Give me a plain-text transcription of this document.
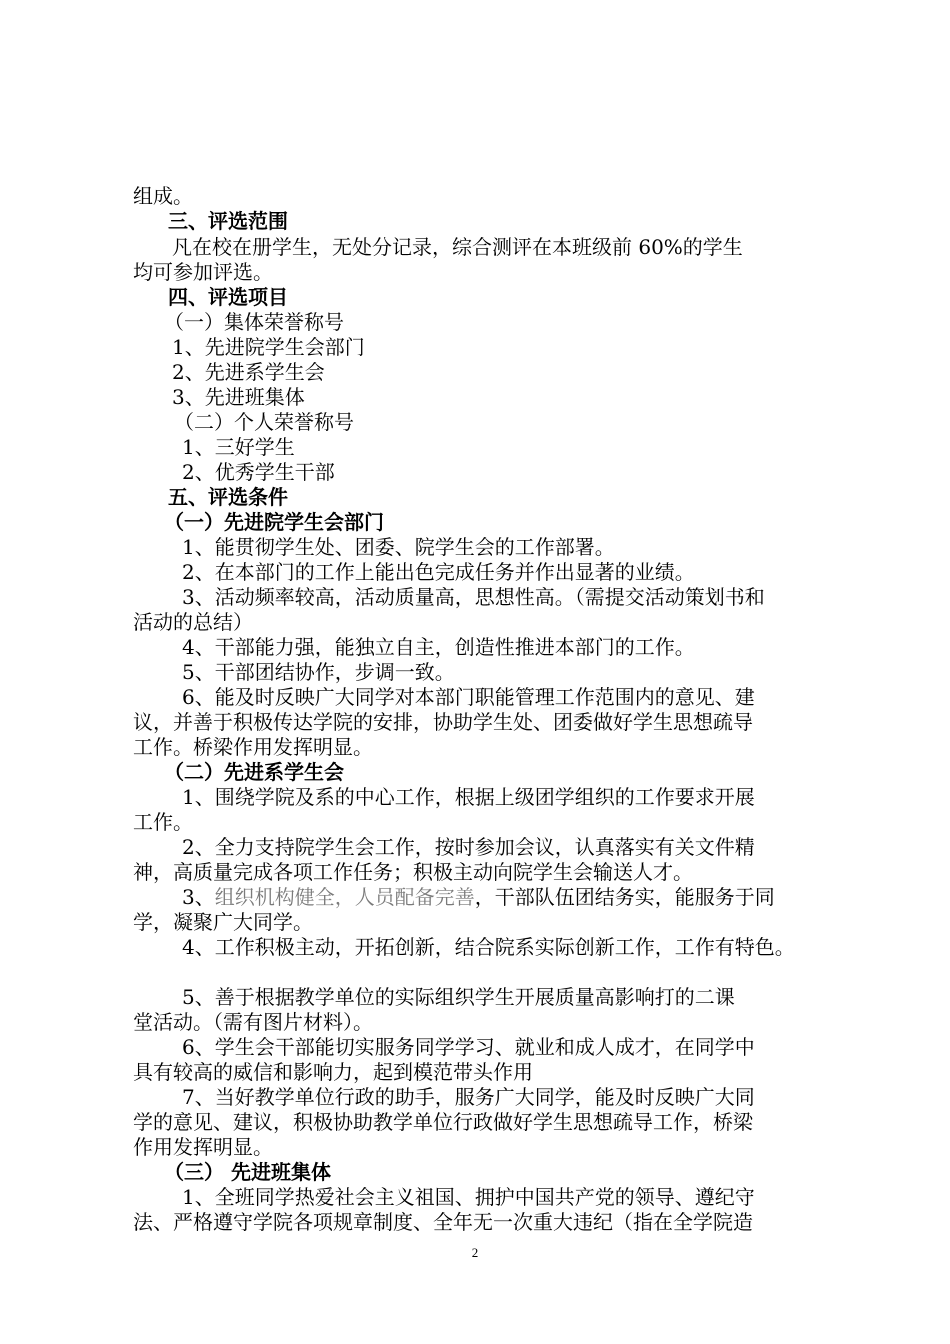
组成。
三、评选范围
凡在校在册学生，无处分记录，综合测评在本班级前 60%的学生
均可参加评选。
四、评选项目
（一）集体荣誉称号
1、先进院学生会部门
2、先进系学生会
3、先进班集体
（二）个人荣誉称号
1、三好学生
2、优秀学生干部
五、评选条件
（一）先进院学生会部门
1、能贯彻学生处、团委、院学生会的工作部署。
2、在本部门的工作上能出色完成任务并作出显著的业绩。
3、活动频率较高，活动质量高，思想性高。（需提交活动策划书和
活动的总结）
4、干部能力强，能独立自主，创造性推进本部门的工作。
5、干部团结协作，步调一致。
6、能及时反映广大同学对本部门职能管理工作范围内的意见、建
议，并善于积极传达学院的安排，协助学生处、团委做好学生思想疏导
工作。桥梁作用发挥明显。
（二）先进系学生会
1、围绕学院及系的中心工作，根据上级团学组织的工作要求开展
工作。
2、全力支持院学生会工作，按时参加会议，认真落实有关文件精
神，高质量完成各项工作任务；积极主动向院学生会输送人才。
3、组织机构健全，人员配备完善，干部队伍团结务实，能服务于同
学，凝聚广大同学。
4、工作积极主动，开拓创新，结合院系实际创新工作，工作有特色。
5、善于根据教学单位的实际组织学生开展质量高影响打的二课
堂活动。（需有图片材料）。
6、学生会干部能切实服务同学学习、就业和成人成才，在同学中
具有较高的威信和影响力，起到模范带头作用
7、当好教学单位行政的助手，服务广大同学，能及时反映广大同
学的意见、建议，积极协助教学单位行政做好学生思想疏导工作，桥梁
作用发挥明显。
（三） 先进班集体
1、全班同学热爱社会主义祖国、拥护中国共产党的领导、遵纪守
法、严格遵守学院各项规章制度、全年无一次重大违纪（指在全学院造
2
